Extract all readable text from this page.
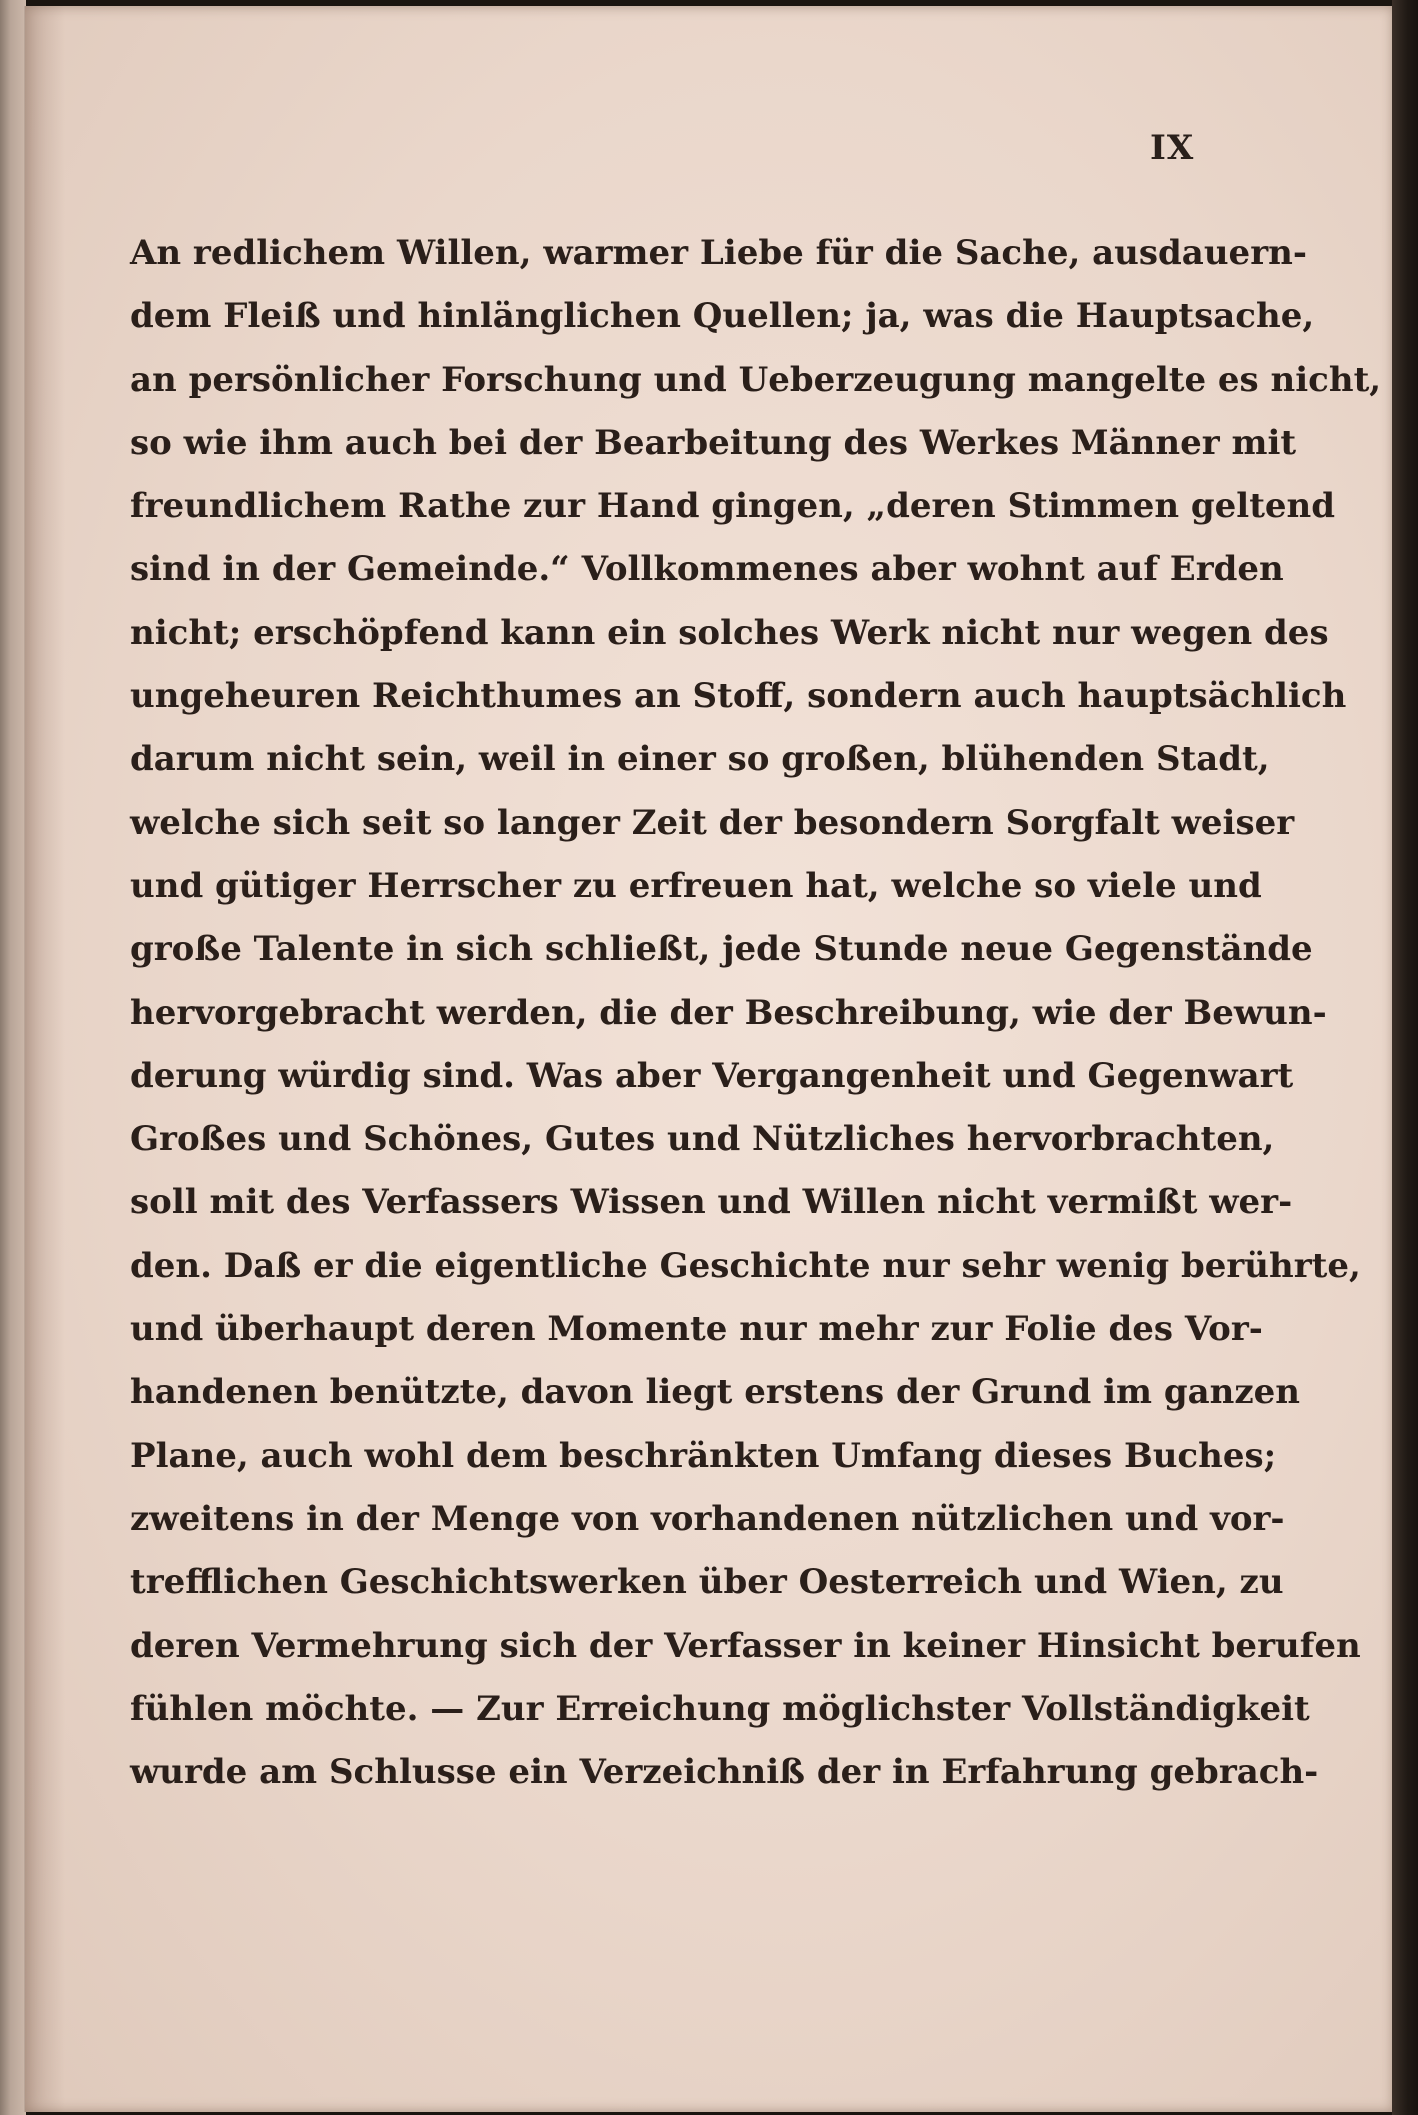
IX
An redlichem Willen, warmer Liebe für die Sache, ausdauern-
dem Fleiß und hinlänglichen Quellen; ja, was die Hauptsache,
an persönlicher Forschung und Ueberzeugung mangelte es nicht,
so wie ihm auch bei der Bearbeitung des Werkes Männer mit
freundlichem Rathe zur Hand gingen, „deren Stimmen geltend
sind in der Gemeinde.“ Vollkommenes aber wohnt auf Erden
nicht; erschöpfend kann ein solches Werk nicht nur wegen des
ungeheuren Reichthumes an Stoff, sondern auch hauptsächlich
darum nicht sein, weil in einer so großen, blühenden Stadt,
welche sich seit so langer Zeit der besondern Sorgfalt weiser
und gütiger Herrscher zu erfreuen hat, welche so viele und
große Talente in sich schließt, jede Stunde neue Gegenstände
hervorgebracht werden, die der Beschreibung, wie der Bewun-
derung würdig sind. Was aber Vergangenheit und Gegenwart
Großes und Schönes, Gutes und Nützliches hervorbrachten,
soll mit des Verfassers Wissen und Willen nicht vermißt wer-
den. Daß er die eigentliche Geschichte nur sehr wenig berührte,
und überhaupt deren Momente nur mehr zur Folie des Vor-
handenen benützte, davon liegt erstens der Grund im ganzen
Plane, auch wohl dem beschränkten Umfang dieses Buches;
zweitens in der Menge von vorhandenen nützlichen und vor-
trefflichen Geschichtswerken über Oesterreich und Wien, zu
deren Vermehrung sich der Verfasser in keiner Hinsicht berufen
fühlen möchte. — Zur Erreichung möglichster Vollständigkeit
wurde am Schlusse ein Verzeichniß der in Erfahrung gebrach-
